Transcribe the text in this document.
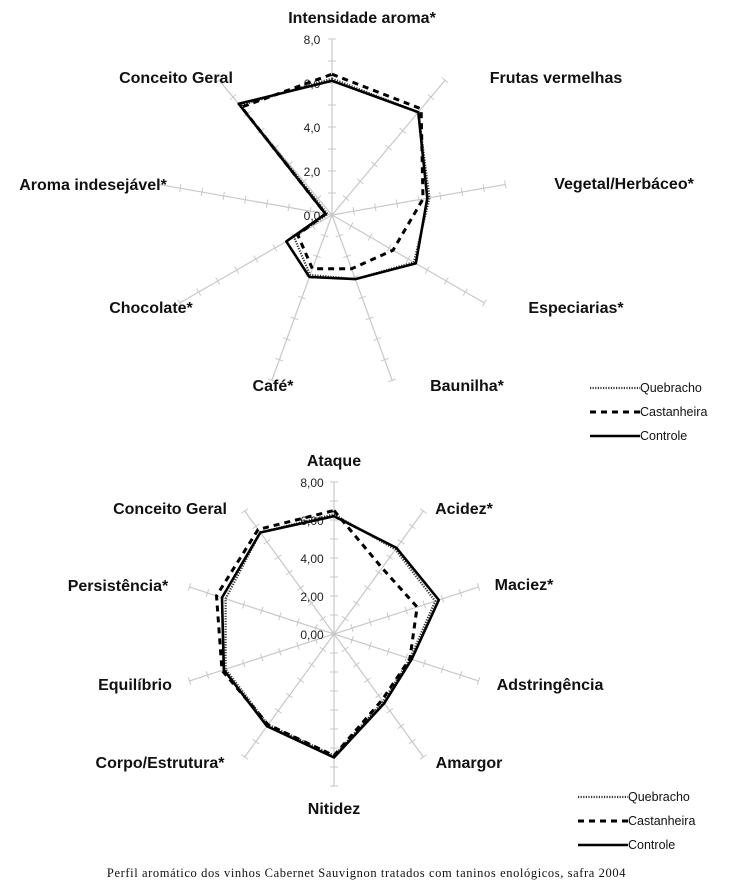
0,0
2,0
4,0
6,0
8,0
Intensidade aroma*
Frutas vermelhas
Vegetal/Herbáceo*
Especiarias*
Baunilha*
Café*
Chocolate*
Aroma indesejável*
Conceito Geral
Quebracho
Castanheira
Controle
0,00
2,00
4,00
6,00
8,00
Ataque
Acidez*
Maciez*
Adstringência
Amargor
Nitidez
Corpo/Estrutura*
Equilíbrio
Persistência*
Conceito Geral
Quebracho
Castanheira
Controle
Perfil aromático dos vinhos Cabernet Sauvignon tratados com taninos enológicos, safra 2004
